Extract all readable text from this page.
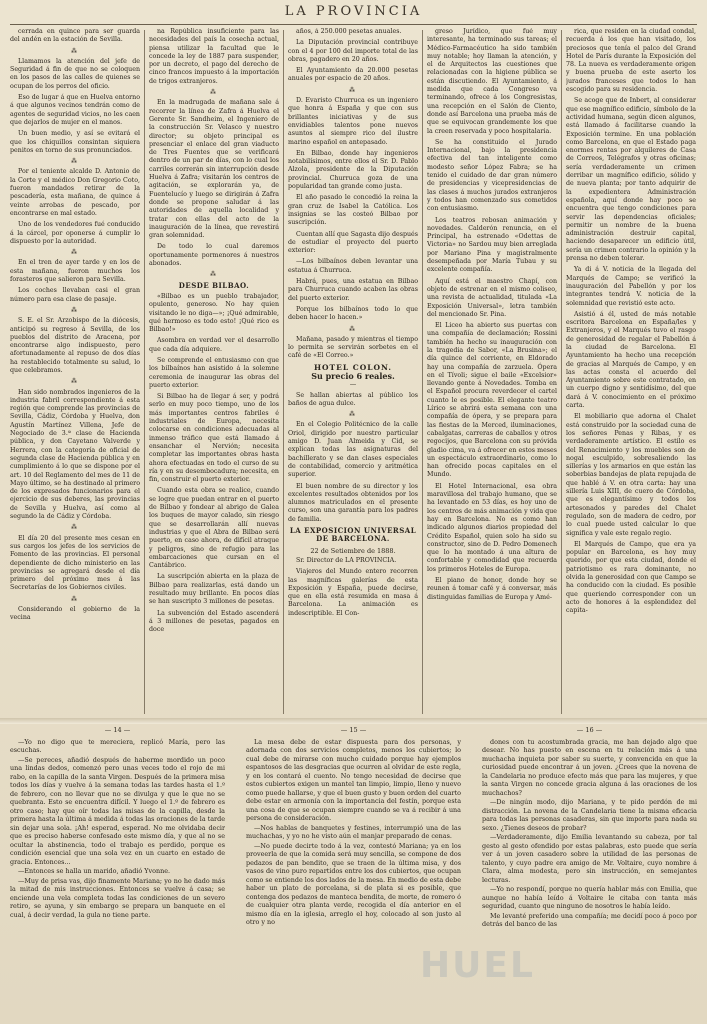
LA PROVINCIA

cerrada en quince para ser guarda del andén en la estación de Sevilla.

⁂

Llamamos la atención del jefe de Seguridad á fin de que no se coloquen en los pasos de las calles de quienes se ocupan de los perros del oficio.

Eso de lugar á que en Huelva entorno á que algunos vecinos tendrán como de agentes de seguridad vicios, no les caen que dejarlos de mujer en el manos.

Un buen medio, y así se evitará el que los chiquillos consintan siquiera penitos en torno de sus pronunciados.

⁂

Por el teniente alcalde D. Antonio de la Corte y el médico Don Gregorio Coto, fueron mandados retirar de la pescadería, esta mañana, de quince á veinte arrobas de pescado, por encontrarse en mal estado.

Uno de los vendedores fué conducido á la cárcel, por oponerse á cumplir lo dispuesto por la autoridad.

⁂

En el tren de ayer tarde y en los de esta mañana, fueron muchos los forasteros que salieron para Sevilla.

Los coches llevaban casi el gran número para esa clase de pasaje.

⁂

S. E. el Sr. Arzobispo de la diócesis, anticipó su regreso á Sevilla, de los pueblos del distrito de Aracena, por encontrarse algo indispuesto, pero afortunadamente al repuso de dos días ha restablecido totalmente su salud, lo que celebramos.

⁂

Han sido nombrados ingenieros de la industria fabril correspondiente á esta región que comprende las provincias de Sevilla, Cádiz, Córdoba y Huelva, don Agustín Martínez Villena, Jefe de Negociado de 3.ª clase de Hacienda pública, y don Cayetano Valverde y Herrera, con la categoría de oficial de segunda clase de Hacienda pública y en cumplimiento á lo que se dispone por el art. 10 del Reglamento del mes de 11 de Mayo último, se ha destinado al primero de los expresados funcionarios para el ejercicio de sus deberes, las provincias de Sevilla y Huelva, así como al segundo la de Cádiz y Córdoba.

⁂

El día 20 del presente mes cesan en sus cargos los jefes de los servicios de Fomento de las provincias. El personal dependiente de dicho ministerio en las provincias se agregará desde el día primero del próximo mes á las Secretarías de los Gobiernos civiles.

⁂

Considerando el gobierno de la vecina

na República insuficiente para las necesidades del país la cosecha actual, piensa utilizar la facultad que le concede la ley de 1887 para suspender, por un decreto, el pago del derecho de cinco francos impuesto á la importación de trigos extranjeros.

⁂

En la madrugada de mañana sale á recorrer la línea de Zafra á Huelva el Gerente Sr. Sandheim, el Ingeniero de la construcción Sr. Velasco y nuestro director; su objeto principal es presenciar el enlace del gran viaducto de Tres Fuentes que se verificará dentro de un par de días, con lo cual los carriles correrán sin interrupción desde Huelva á Zafra; visitarán los centros de agitación, se explorarán ya, de Fuentelucío y luego se dirigirán á Zafra donde se propone saludar á las autoridades de aquella localidad y tratar con ellas del acto de la inauguración de la línea, que revestirá gran solemnidad.

De todo lo cual daremos oportunamente pormenores á nuestros abonados.

⁂
DESDE BILBAO.

«Bilbao es un pueblo trabajador, opulento, generoso. No hay quien visitando le no diga—»; ¡Qué admirable, qué hermoso es todo esto! ¡Qué rico es Bilbao!»

Asombra en verdad ver el desarrollo que cada día adquiere.

Se comprende el entusiasmo con que los bilbaínos han asistido á la solemne ceremonia de inaugurar las obras del puerto exterior.

Si Bilbao ha de llegar á ser, y podrá serlo en muy poco tiempo, uno de los más importantes centros fabriles é industriales de Europa, necesita colocarse en condiciones adecuadas al inmenso tráfico que está llamado á ensanchar el Nervión; necesita completar las importantes obras hasta ahora efectuadas en todo el curso de su ría y en su desembocadura; necesita, en fin, construir el puerto exterior.

Cuando esta obra se realice, cuando se logre que puedan entrar en el puerto de Bilbao y fondear al abrigo de Galea los buques de mayor calado, sin riesgo que se desarrollarán allí nuevas industrias y que el Abra de Bilbao será puerto, en caso ahora, de difícil atraque y peligros, sino de refugio para las embarcaciones que cursan en el Cantábrico.

La suscripción abierta en la plaza de Bilbao para realizarlas, está dando un resultado muy brillante. En pocos días se han suscripto 3 millones de pesetas.

La subvención del Estado ascenderá á 3 millones de pesetas, pagados en doce

años, á 250.000 pesetas anuales.

La Diputación provincial contribuye con el 4 por 100 del importe total de las obras, pagadero en 20 años.

El Ayuntamiento da 20.000 pesetas anuales por espacio de 20 años.

⁂

D. Evaristo Churruca es un ingeniero que honra á España y que con sus brillantes iniciativas y de sus envidiables talentos pone nuevos asuntos al siempre rico del ilustre marino español en antepasado.

En Bilbao, donde hay ingenieros notabilísimos, entre ellos el Sr. D. Pablo Alzola, presidente de la Diputación provincial. Churruca goza de una popularidad tan grande como justa.

El año pasado le concedió la reina la gran cruz de Isabel la Católica. Los insignias se las costeó Bilbao por suscripción.

Cuentan allí que Sagasta dijo después de estudiar el proyecto del puerto exterior:

—Los bilbaínos deben levantar una estatua á Churruca.

Habrá, pues, una estatua en Bilbao para Churruca cuando acaben las obras del puerto exterior.

Porque los bilbaínos todo lo que deben hacer lo hacen.»

⁂

Mañana, pasado y mientras el tiempo lo permita se servirán sorbetes en el café de «El Correo.»

HOTEL COLON.
Su precio 6 reales.
—

Se hallan abiertas al público los baños de agua dulce.

⁂

En el Colegio Politécnico de la calle Oriol, dirigido por nuestro particular amigo D. Juan Almeida y Cid, se explican todas las asignaturas del bachillerato y se dan clases especiales de contabilidad, comercio y aritmética superior.

El buen nombre de su director y los excelentes resultados obtenidos por los alumnos matriculados en el presente curso, son una garantía para los padres de familia.

LA EXPOSICION UNIVERSAL DE BARCELONA.
22 de Setiembre de 1888.

Sr. Director de LA PROVINCIA.

Viajeros del Mundo entero recorren las magníficas galerías de esta Exposición y España, puede decirse, que en ella está resumida en masa á Barcelona. La animación es indescriptible. El Con-

greso Jurídico, que fué muy interesante, ha terminado sus tareas; el Médico-Farmacéutico ha sido también muy notable; hoy llaman la atención, y el de Arquitectos las cuestiones que relacionadas con la higiene pública se están discutiendo. El Ayuntamiento, á medida que cada Congreso va terminando, ofrece á los Congresistas, una recepción en el Salón de Ciento, donde así Barcelona una prueba más de que se equivocan grandemente los que la creen reservada y poco hospitalaria.

Se ha constituido el Jurado Internacional, bajo la presidencia efectiva del tan inteligente como modesto señor López Fabra; se ha tenido el cuidado de dar gran número de presidencias y vicepresidencias de las clases á muchos jurados extranjeros y todos han comenzado sus cometidos con entusiasmo.

Los teatros rebosan animación y novedades. Calderón renuncia, en el Principal, ha estrenado «Odettas de Victoria» no Sardou muy bien arreglada por Mariano Pina y magistralmente desempeñada por María Tubau y su excelente compañía.

Aquí está el maestro Chapí, con objeto de estrenar en el mismo coliseo, una revista de actualidad, titulada «La Exposición Universal», letra también del mencionado Sr. Pina.

El Liceo ha abierto sus puertas con una compañía de declamación; Rossini también ha hecho su inauguración con la tragedia de Sabor, «La Brusina»; el día quince del corriente, en Eldorado hay una compañía de zarzuela. Ópera en el Tívoli; sigue el baile «Excelsior» llevando gente á Novedades. Tomba en el Español procura reverdecer el cartel cuanto le es posible. El elegante teatro Lírico se abrirá esta semana con una compañía de ópera, y se prepara para las fiestas de la Merced, iluminaciones, cabalgatas, carreras de caballos y otros regocijos, que Barcelona con su próvida gladio cima, va á ofrecer en estos meses un espectáculo extraordinario, como lo han ofrecido pocas capitales en el Mundo.

El Hotel Internacional, esa obra maravillosa del trabajo humano, que se ha levantado en 53 días, es hoy uno de los centros de más animación y vida que hay en Barcelona. No es como han indicado algunos diarios propiedad del Crédito Español, quien solo ha sido su constructor, sino de D. Pedro Domenech que lo ha montado á una altura de confortable y comodidad que recuerda los primeros Hoteles de Europa.

El piano de honor, donde hoy se reunen á tomar café y á conversar, más distinguidas familias de Europa y Amé-

rica, que residen en la ciudad condal, recuerda á los que han visitado, los preciosos que tenía el palco del Grand Hotel de París durante la Exposición del 78. La nueva es verdaderamente origen y buena prueba de este aserto los jurados franceses que todos lo han escogido para su residencia.

Se acoge que de Inbert, al considerar que ese magnífico edificio, símbolo de la actividad humana, según dicen algunos, está llamado á facilitarse cuando la Exposición termine. En una población como Barcelona, en que el Estado paga enormes rentas por alquileres de Casa de Correos, Telégrafos y otras oficinas; sería verdaderamente un crimen derribar un magnífico edificio, sólido y de nueva planta; por tanto adquirir de la expedientera Administración española, aquí donde hay poco se encuentra que tengo condiciones para servir las dependencias oficiales; permitir un nombre de la buena administración destruir capital, haciendo desaparecer un edificio útil, sería un crimen contrario la opinión y la prensa no deben tolerar.

Ya di á V. noticia de la llegada del Marqués de Campo; se verificó la inauguración del Pabellón y por los integrantes tendrá V. noticia de la solemnidad que revistió este acto.

Asistió á él, usted de más notable escritora Barcelona en España/les y Extranjeros, y el Marqués tuvo el rasgo de generosidad de regalar el Pabellón á la ciudad de Barcelona. El Ayuntamiento ha hecho una recepción de gracias al Marqués de Campo, y en las actas consta el acuerdo del Ayuntamiento sobre este contratado, en un cuerpo digno y sentidísimo, del que dará á V. conocimiento en el próximo carta.

El mobiliario que adorna el Chalet está construido por la sociedad cuna de los señores Penas y Ribas, y es verdaderamente artístico. El estilo es del Renacimiento y los muebles son de nogal esculpido, sobresaliendo las sillerías y los armarios en que están las soberbias bandejas de plata repujada de que hablé á V. en otra carta: hay una sillería Luis XIII, de cuero de Córdoba, que es elegantísimo y todos los artesonados y paredes del Chalet regulado, son de madera de cedro, por lo cual puede usted calcular lo que significa y vale este regalo regio.

El Marqués de Campo, que era ya popular en Barcelona, es hoy muy querido, por que esta ciudad, donde el patriotismo es rara dominante, no olvida la generosidad con que Campo se ha conducido con la ciudad. Es posible que queriendo corresponder con un acto de honores á la esplendidez del capita-

— 14 —

—Yo no digo que te mereciera, replicó María, pero las escuchas.

—Se pereces, añadió después de haberme mordido un poco una lindas dedos, comenzó pero unas veces todo el rojo de mi rabo, en la capilla de la santa Virgen. Después de la primera misa todos los días y vuelve á la semana todas las tardes hasta el 1.º de febrero, con no llevar que no se divulga y que le que no se quebranta. Esto se encuentra difícil. Y luego el 1.º de febrero es otro caso; hay que oír todas las misas de la capilla, desde la primera hasta la última á medida á todas las oraciones de la tarde sin dejar una sola. ¡Ah! esperad, esperad. No me olvidaba decir que es preciso haberse confesado este mismo día, y que al no se ocultar la abstinencia, todo el trabajo es perdido, porque es condición esencial que una sola vez en un cuarto en estado de gracia. Entonces...

—Entonces se halla un marido, añadió Yvonne.

—Muy de prisa vas, dijo finamente Mariana; yo no he dado más la mitad de mis instrucciones. Entonces se vuelve á casa; se enciende una vela completa todas las condiciones de un severo retiro, se ayuna, y sin embargo se prepara un banquete en el cual, á decir verdad, la gula no tiene parte.

— 15 —

La mesa debe de estar dispuesta para dos personas, y adornada con dos servicios completos, menos los cubiertos; lo cual debe de mirarse con mucho cuidado porque hay ejemplos espantosos de las desgracias que ocurren al olvidar de este regla, y en los contará el cuento. No tengo necesidad de decirse que estos cubiertos exigen un mantel tan limpio, limpio, lleno y nuevo como puede hallarse, y que el buen gusto y buen orden del cuarto debe estar en armonía con la importancia del festín, porque esta una cosa de que se ocupan siempre cuando se va á recibir á una persona de consideración.

—Nos hablas de banquetes y festines, interrumpió una de las muchachas, y yo no he visto aún el manjar preparado de cenas.

—No puede decirte todo á la vez, contestó Mariana; ya en los proveerla de que la comida será muy sencilla, se compone de dos pedazos de pan bendito, que se traen de la última misa, y dos vasos de vino puro repartidos entre los dos cubiertos, que ocupan como se entiende los dos lados de la mesa. En medio de esta debe haber un plato de porcelana, si de plata si es posible, que contenga dos pedazos de manteca bendita, de morte, de romero ó de cualquier otra planta verde, recogida el día anterior en el mismo día en la iglesia, arreglo el hoy, colocado al son justo al otro y no

— 16 —

dones con tu acostumbrada gracia, me han dejado algo que desear. No has puesto en escena en tu relación más á una muchacha inquieta por saber su suerte, y convencida en que la curiosidad puede encontrar á un joven. ¿Crees que la novena de la Candelaria no produce efecto más que para las mujeres, y que la santa Virgen no concede gracia alguna á las oraciones de los muchachos?

—De ningún modo, dijo Mariana, y te pido perdón de mi distracción. La novena de la Candelaria tiene la misma eficacia para todas las personas casaderas, sin que importe para nada su sexo. ¿Tienes deseos de probar?

—Verdaderamente, dijo Emilia levantando su cabeza, por tal gesto al gesto ofendido por estas palabras, esto puede que sería ver á un joven casadero sobre la utilidad de las personas de talento, y cuyo padre era amigo de Mr. Voltaire, cuyo nombre á Clara, alma modesta, pero sin instrucción, en semejantes lecturas.

—Yo no respondí, porque no quería hablar más con Emilia, que aunque no había leído á Voltaire le citaba con tanta más seguridad, cuanto que ninguno de nosotros le había leído.

Me levanté preferido una compañía; me decidí poco á poco por detrás del banco de las

HUEL
